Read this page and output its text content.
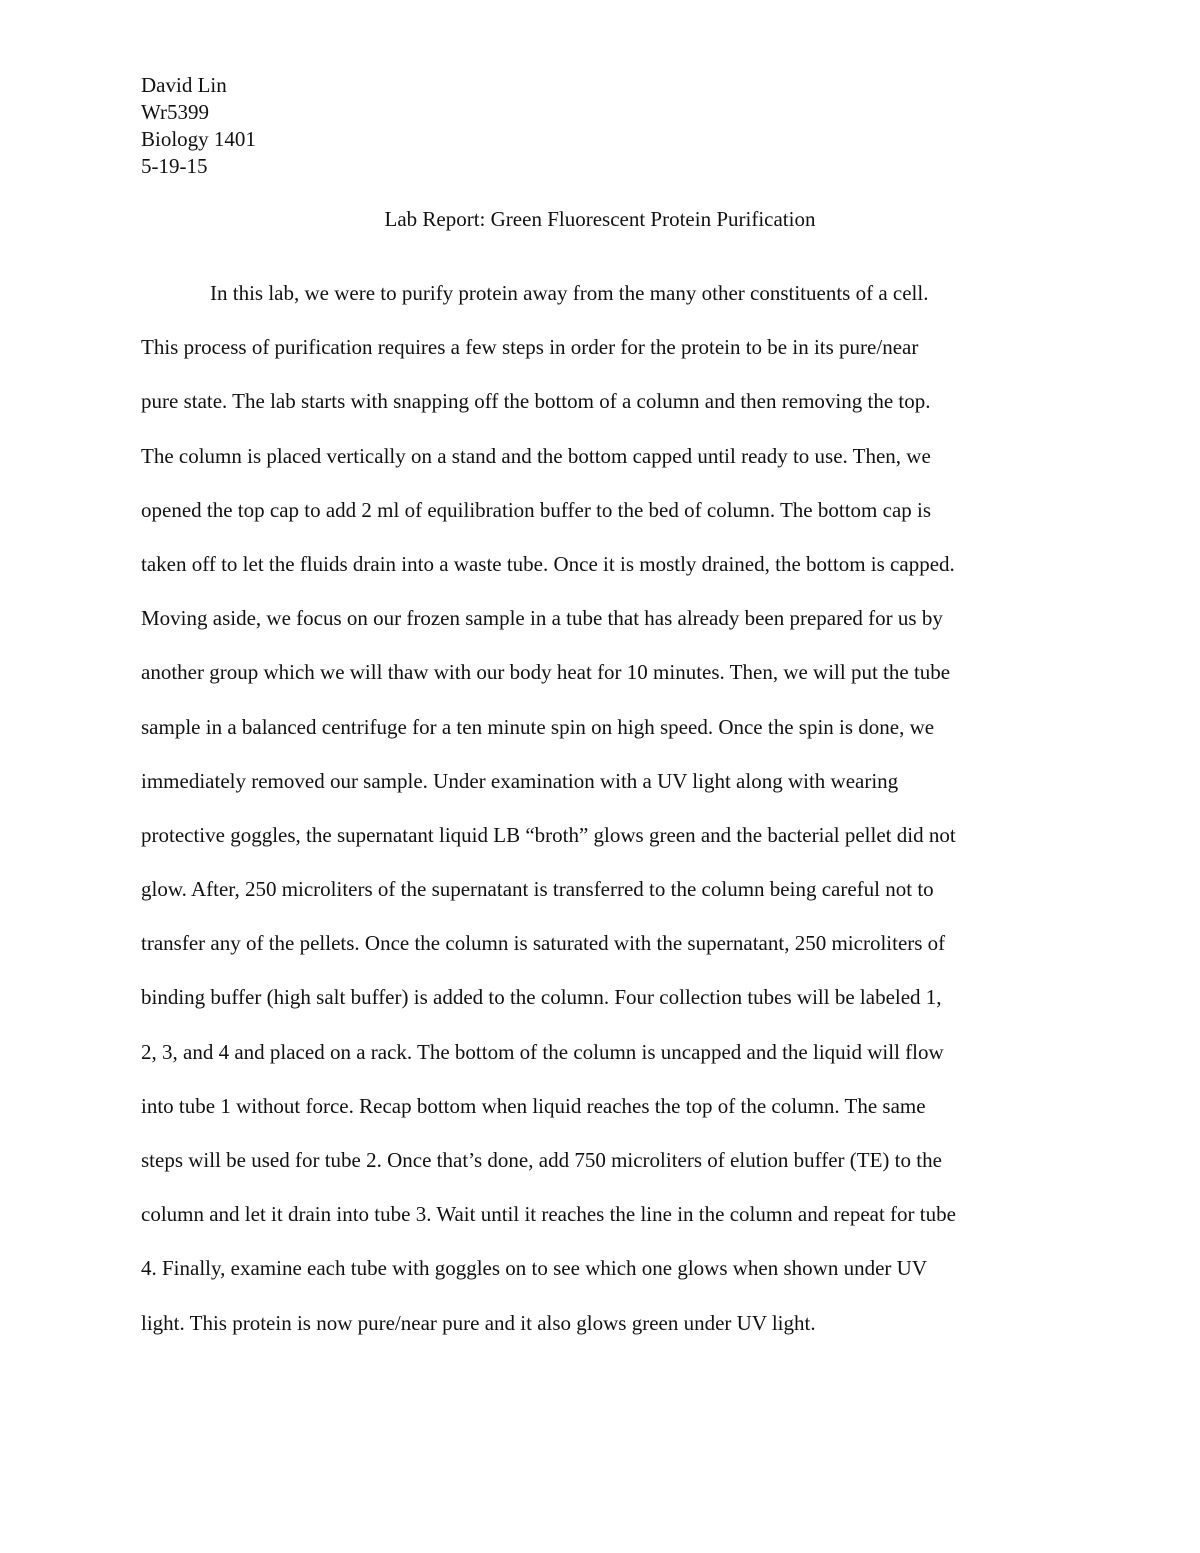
David Lin
Wr5399
Biology 1401
5-19-15
Lab Report: Green Fluorescent Protein Purification
In this lab, we were to purify protein away from the many other constituents of a cell.
This process of purification requires a few steps in order for the protein to be in its pure/near
pure state. The lab starts with snapping off the bottom of a column and then removing the top.
The column is placed vertically on a stand and the bottom capped until ready to use. Then, we
opened the top cap to add 2 ml of equilibration buffer to the bed of column. The bottom cap is
taken off to let the fluids drain into a waste tube. Once it is mostly drained, the bottom is capped.
Moving aside, we focus on our frozen sample in a tube that has already been prepared for us by
another group which we will thaw with our body heat for 10 minutes. Then, we will put the tube
sample in a balanced centrifuge for a ten minute spin on high speed. Once the spin is done, we
immediately removed our sample. Under examination with a UV light along with wearing
protective goggles, the supernatant liquid LB “broth” glows green and the bacterial pellet did not
glow. After, 250 microliters of the supernatant is transferred to the column being careful not to
transfer any of the pellets. Once the column is saturated with the supernatant, 250 microliters of
binding buffer (high salt buffer) is added to the column. Four collection tubes will be labeled 1,
2, 3, and 4 and placed on a rack. The bottom of the column is uncapped and the liquid will flow
into tube 1 without force. Recap bottom when liquid reaches the top of the column. The same
steps will be used for tube 2. Once that’s done, add 750 microliters of elution buffer (TE) to the
column and let it drain into tube 3. Wait until it reaches the line in the column and repeat for tube
4. Finally, examine each tube with goggles on to see which one glows when shown under UV
light. This protein is now pure/near pure and it also glows green under UV light.
